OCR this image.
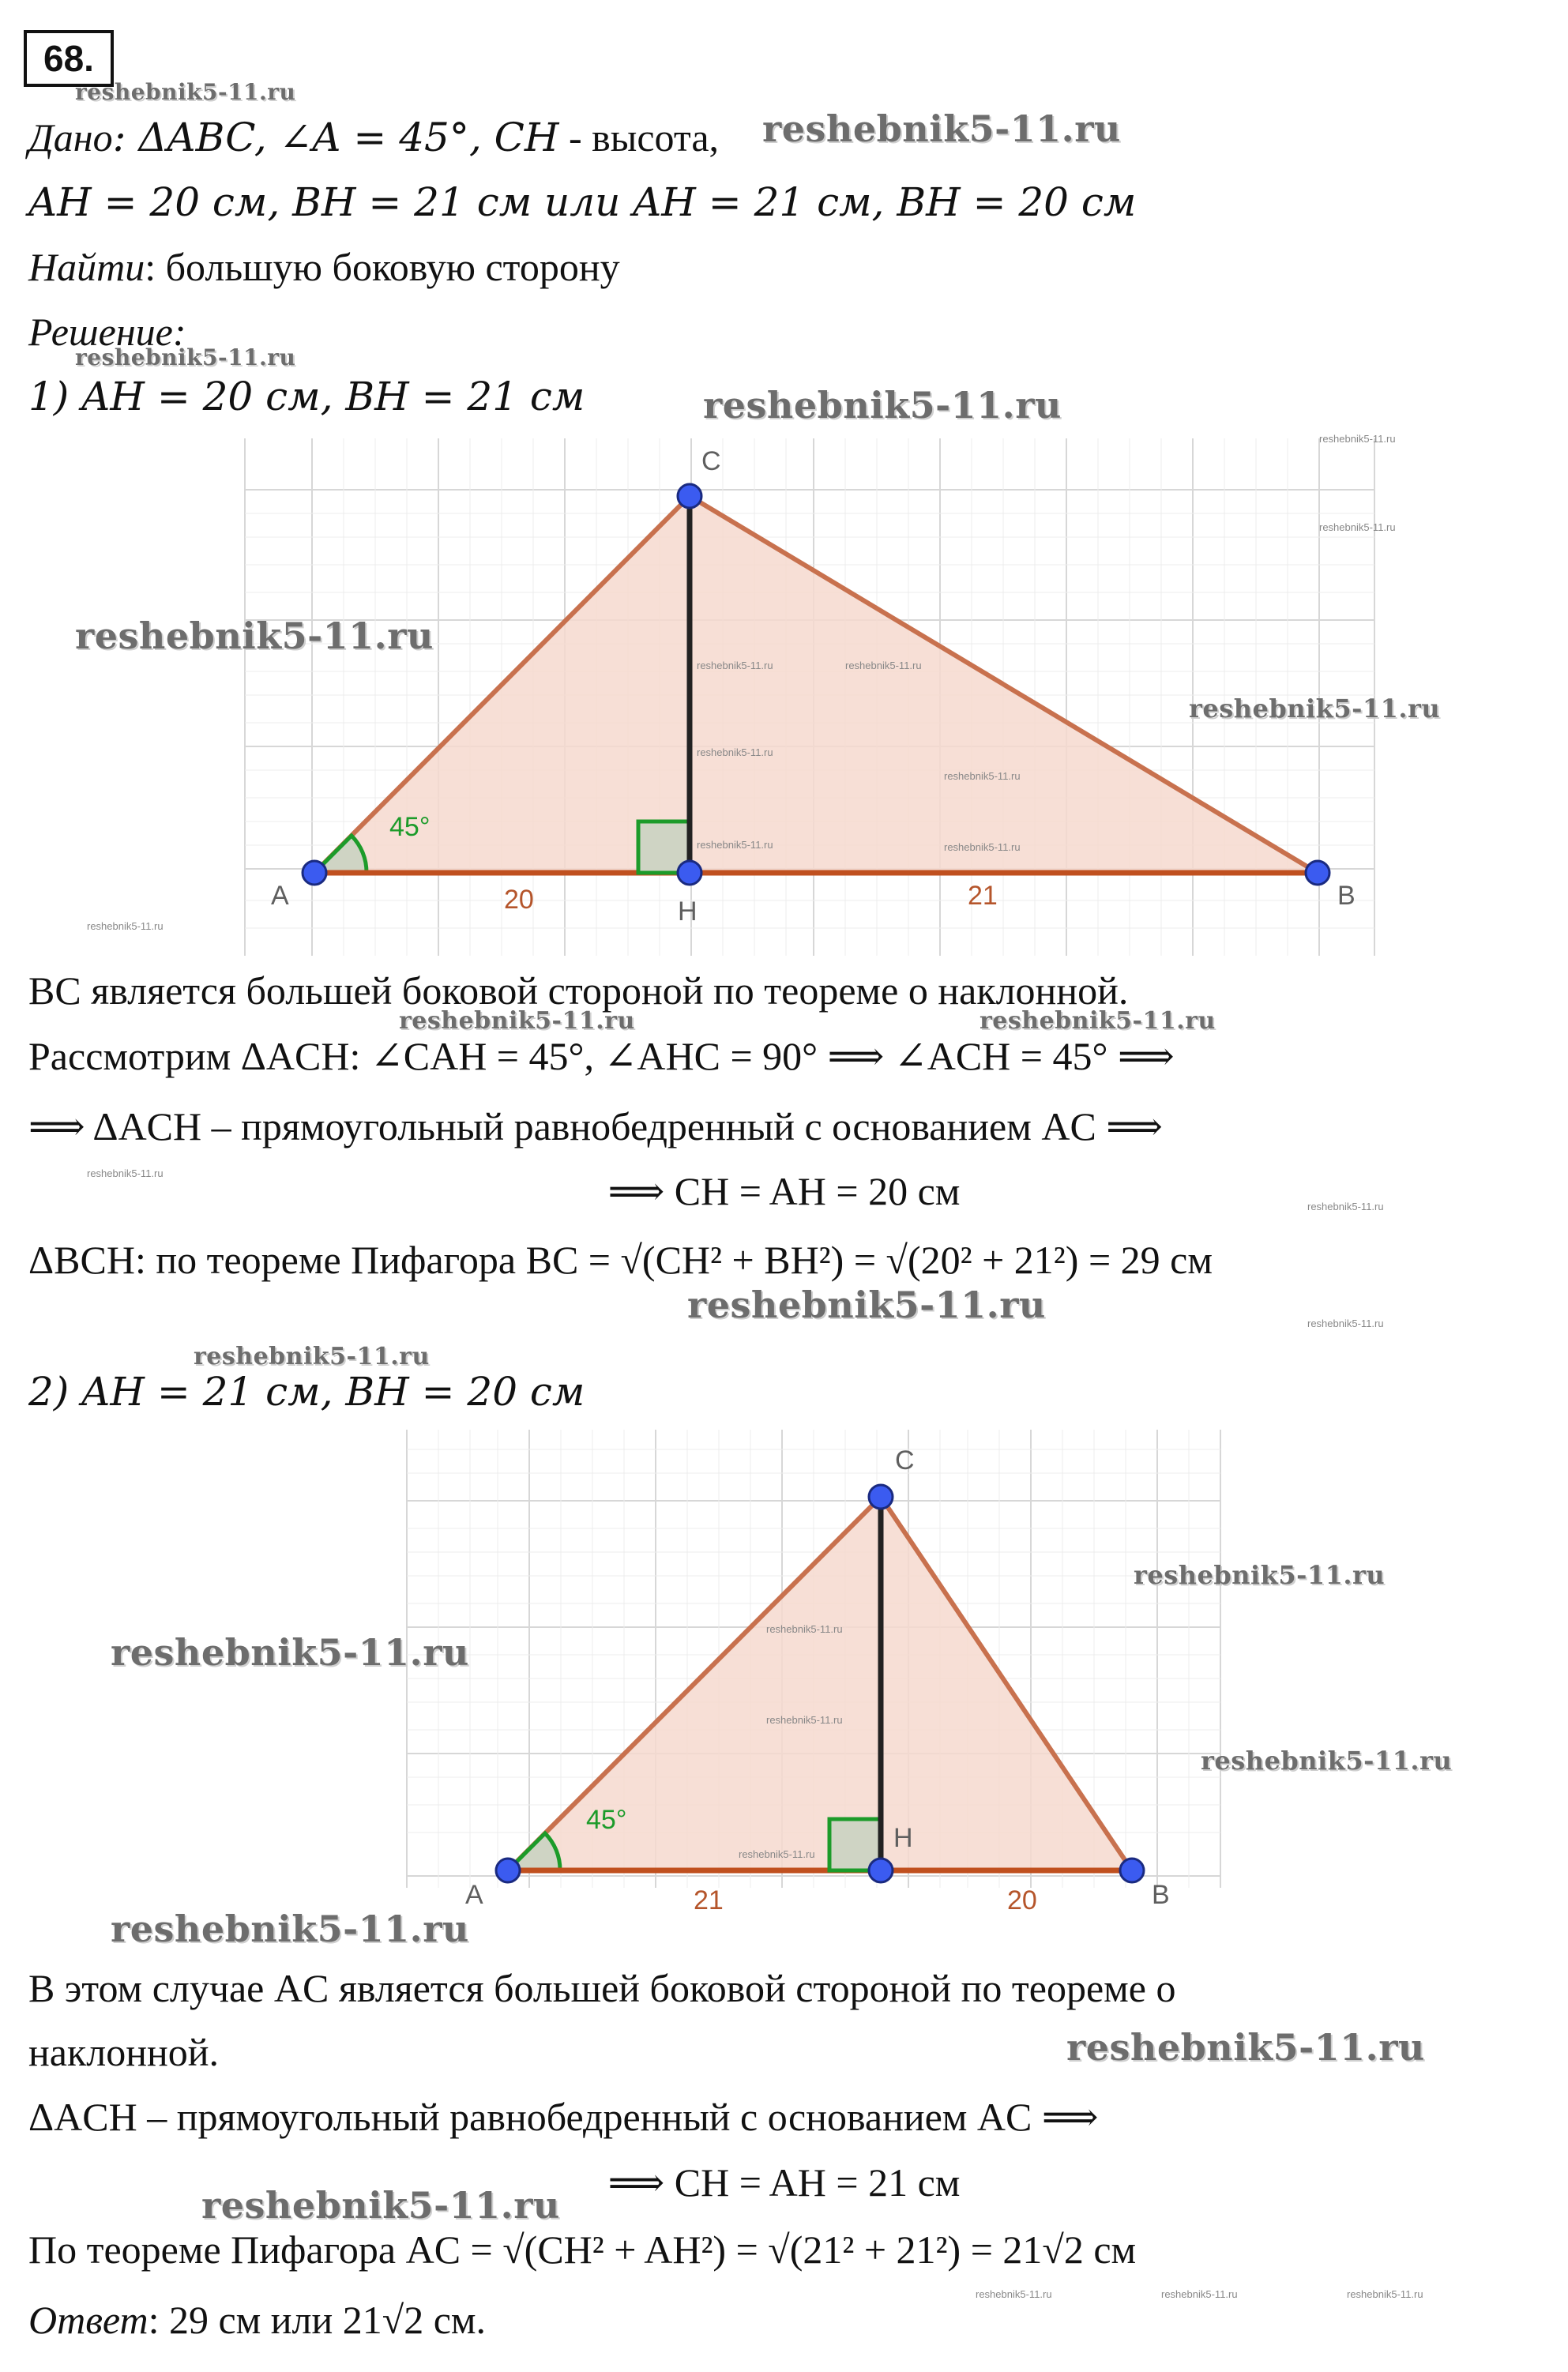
68.
Дано: ΔABC, ∠A = 45°, CH - высота,
AH = 20 см, BH = 21 см или AH = 21 см, BH = 20 см
Найти: большую боковую сторону
Решение:
1) AH = 20 см, BH = 21 см
C
A
H
B
45°
20	21
C
A
H
B
45°
21	20
BC является большей боковой стороной по теореме о наклонной.
Рассмотрим ΔACH: ∠CAH = 45°, ∠AHC = 90° ⟹ ∠ACH = 45° ⟹
⟹ ΔACH – прямоугольный равнобедренный с основанием AC ⟹
⟹ CH = AH = 20 см
ΔBCH: по теореме Пифагора BC = √(CH² + BH²) = √(20² + 21²) = 29 см
2) AH = 21 см, BH = 20 см
В этом случае AC является большей боковой стороной по теореме о
наклонной.
ΔACH – прямоугольный равнобедренный с основанием AC ⟹
⟹ CH = AH = 21 см
По теореме Пифагора AC = √(CH² + AH²) = √(21² + 21²) = 21√2 см
Ответ: 29 см или 21√2 см.
reshebnik5-11.ru
reshebnik5-11.ru
reshebnik5-11.ru
reshebnik5-11.ru
reshebnik5-11.ru
reshebnik5-11.ru
reshebnik5-11.ru	reshebnik5-11.ru
reshebnik5-11.ru
reshebnik5-11.ru
reshebnik5-11.ru
reshebnik5-11.ru
reshebnik5-11.ru
reshebnik5-11.ru
reshebnik5-11.ru
reshebnik5-11.ru
reshebnik5-11.ru
reshebnik5-11.ru
reshebnik5-11.ru	reshebnik5-11.ru
reshebnik5-11.ru
reshebnik5-11.ru
reshebnik5-11.ru	reshebnik5-11.ru
reshebnik5-11.ru
reshebnik5-11.ru
reshebnik5-11.ru
reshebnik5-11.ru
reshebnik5-11.ru
reshebnik5-11.ru
reshebnik5-11.ru
reshebnik5-11.ru	reshebnik5-11.ru	reshebnik5-11.ru
